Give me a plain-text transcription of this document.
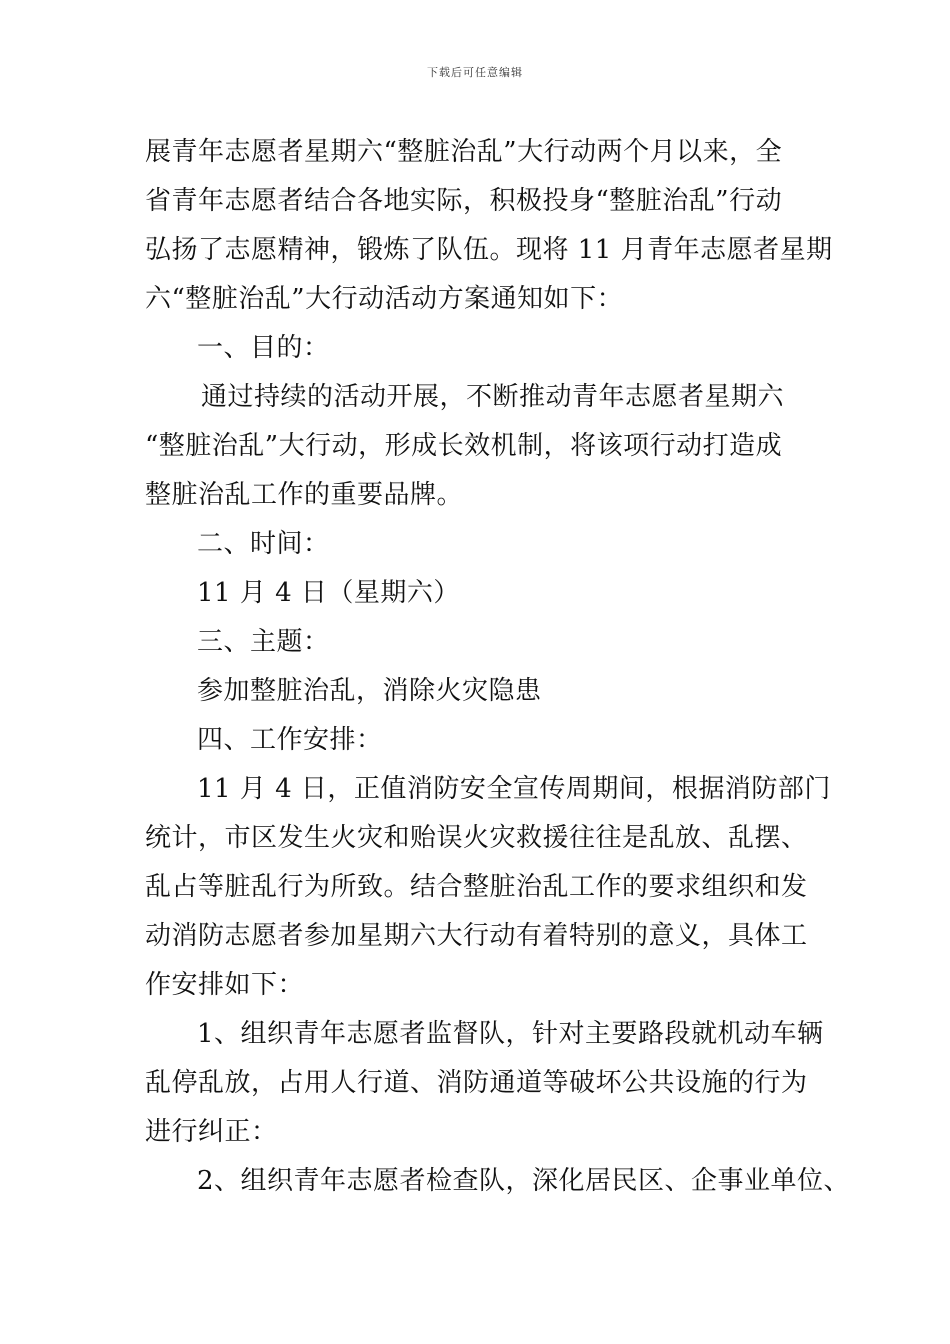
下载后可任意编辑
展青年志愿者星期六“整脏治乱”大行动两个月以来，全
省青年志愿者结合各地实际，积极投身“整脏治乱”行动
弘扬了志愿精神，锻炼了队伍。现将 11 月青年志愿者星期
六“整脏治乱”大行动活动方案通知如下：
一、目的：
通过持续的活动开展，不断推动青年志愿者星期六
“整脏治乱”大行动，形成长效机制，将该项行动打造成
整脏治乱工作的重要品牌。
二、时间：
11 月 4 日（星期六）
三、主题：
参加整脏治乱，消除火灾隐患
四、工作安排：
11 月 4 日，正值消防安全宣传周期间，根据消防部门
统计，市区发生火灾和贻误火灾救援往往是乱放、乱摆、
乱占等脏乱行为所致。结合整脏治乱工作的要求组织和发
动消防志愿者参加星期六大行动有着特别的意义，具体工
作安排如下：
1、组织青年志愿者监督队，针对主要路段就机动车辆
乱停乱放，占用人行道、消防通道等破坏公共设施的行为
进行纠正：
2、组织青年志愿者检查队，深化居民区、企事业单位、
